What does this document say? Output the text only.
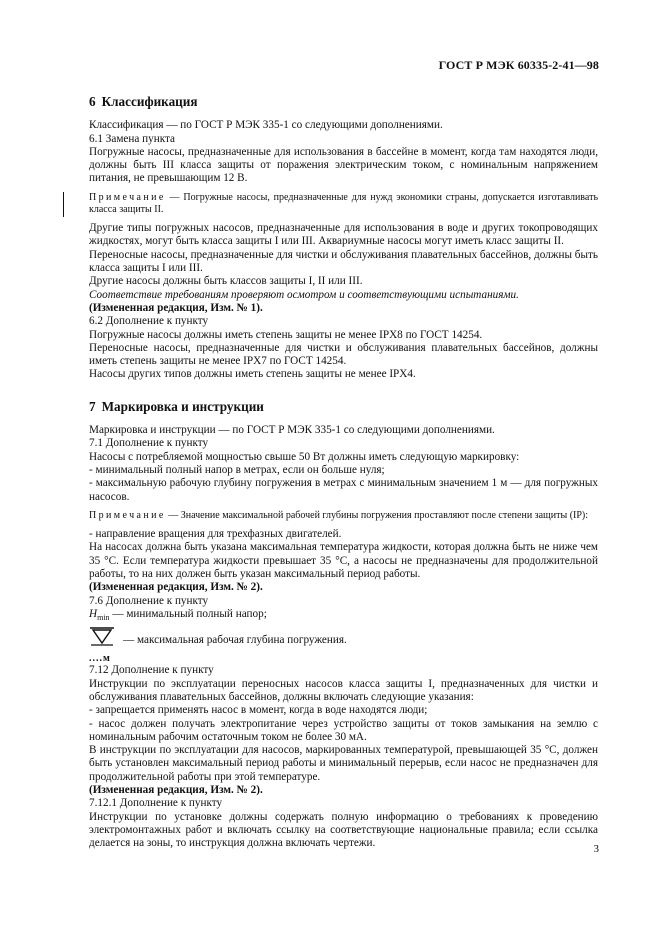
ГОСТ Р МЭК 60335-2-41—98
6 Классификация

Классификация — по ГОСТ Р МЭК 335-1 со следующими дополнениями.

6.1 Замена пункта

Погружные насосы, предназначенные для использования в бассейне в момент, когда там находятся люди, должны быть III класса защиты от поражения электрическим током, с номинальным напряжением питания, не превышающим 12 В.

Примечание — Погружные насосы, предназначенные для нужд экономики страны, допускается изготавливать класса защиты II.

Другие типы погружных насосов, предназначенные для использования в воде и других токопроводящих жидкостях, могут быть класса защиты I или III. Аквариумные насосы могут иметь класс защиты II.

Переносные насосы, предназначенные для чистки и обслуживания плавательных бассейнов, должны быть класса защиты I или III.

Другие насосы должны быть классов защиты I, II или III.

Соответствие требованиям проверяют осмотром и соответствующими испытаниями.

(Измененная редакция, Изм. № 1).

6.2 Дополнение к пункту

Погружные насосы должны иметь степень защиты не менее IPX8 по ГОСТ 14254.

Переносные насосы, предназначенные для чистки и обслуживания плавательных бассейнов, должны иметь степень защиты не менее IPX7 по ГОСТ 14254.

Насосы других типов должны иметь степень защиты не менее IPX4.

7 Маркировка и инструкции

Маркировка и инструкции — по ГОСТ Р МЭК 335-1 со следующими дополнениями.

7.1 Дополнение к пункту

Насосы с потребляемой мощностью свыше 50 Вт должны иметь следующую маркировку:

- минимальный полный напор в метрах, если он больше нуля;

- максимальную рабочую глубину погружения в метрах с минимальным значением 1 м — для погружных насосов.

Примечание — Значение максимальной рабочей глубины погружения проставляют после степени защиты (IP):

- направление вращения для трехфазных двигателей.

На насосах должна быть указана максимальная температура жидкости, которая должна быть не ниже чем 35 °С. Если температура жидкости превышает 35 °С, а насосы не предназначены для продолжительной работы, то на них должен быть указан максимальный период работы.

(Измененная редакция, Изм. № 2).

7.6 Дополнение к пункту

$H_{min}$ — минимальный полный напор;

— максимальная рабочая глубина погружения.
....м

7.12 Дополнение к пункту

Инструкции по эксплуатации переносных насосов класса защиты I, предназначенных для чистки и обслуживания плавательных бассейнов, должны включать следующие указания:

- запрещается применять насос в момент, когда в воде находятся люди;

- насос должен получать электропитание через устройство защиты от токов замыкания на землю с номинальным рабочим остаточным током не более 30 мА.

В инструкции по эксплуатации для насосов, маркированных температурой, превышающей 35 °С, должен быть установлен максимальный период работы и минимальный перерыв, если насос не предназначен для продолжительной работы при этой температуре.

(Измененная редакция, Изм. № 2).

7.12.1 Дополнение к пункту

Инструкции по установке должны содержать полную информацию о требованиях к проведению электромонтажных работ и включать ссылку на соответствующие национальные правила; если ссылка делается на зоны, то инструкция должна включать чертежи.	3
